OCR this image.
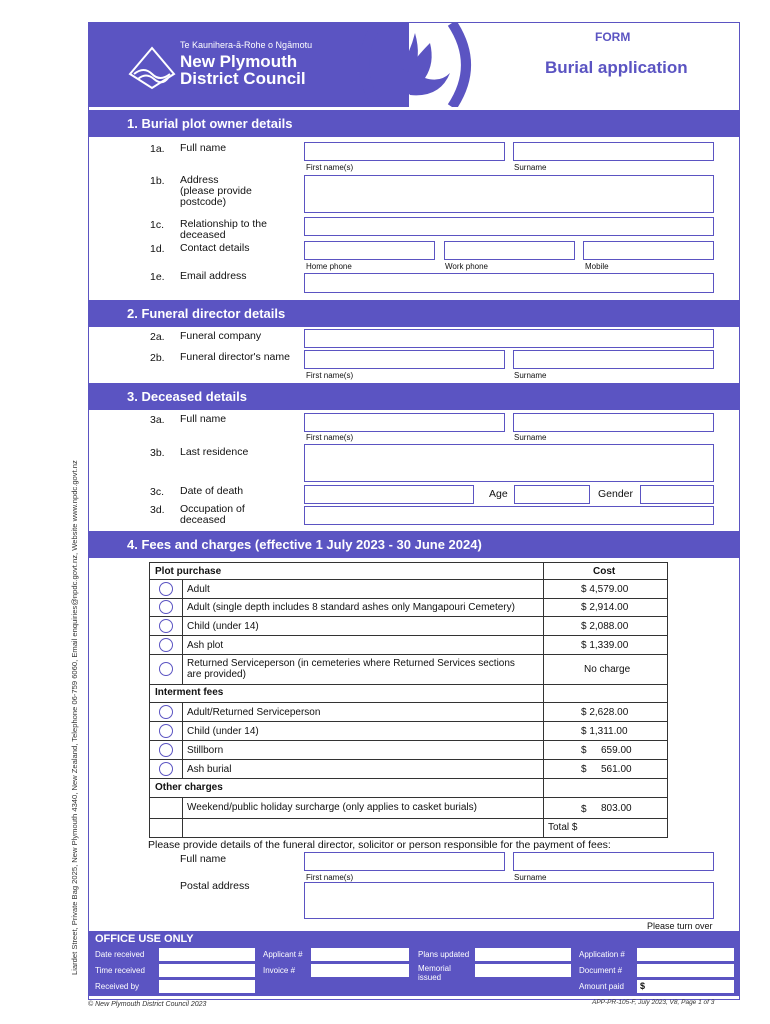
Liardet Street, Private Bag 2025, New Plymouth 4340, New Zealand, Telephone 06-759 6060, Email enquiries@npdc.govt.nz, Website www.npdc.govt.nz
Te Kaunihera-ā-Rohe o Ngāmotu
New Plymouth
District Council
FORM
Burial application
1. Burial plot owner details
1a. Full name
First name(s)	Surname
1b. Address
(please provide
postcode)
1c. Relationship to the
deceased
1d. Contact details
Home phone	Work phone	Mobile
1e. Email address
2. Funeral director details
2a. Funeral company
2b. Funeral director's name
First name(s)	Surname
3. Deceased details
3a. Full name
First name(s)	Surname
3b. Last residence
3c. Date of death	Age	Gender
3d. Occupation of
deceased
4. Fees and charges (effective 1 July 2023 - 30 June 2024)
Plot purchase	Cost
Adult	$ 4,579.00
Adult (single depth includes 8 standard ashes only Mangapouri Cemetery)	$ 2,914.00
Child (under 14)	$ 2,088.00
Ash plot	$ 1,339.00
Returned Serviceperson (in cemeteries where Returned Services sections
are provided)	No charge
Interment fees
Adult/Returned Serviceperson	$ 2,628.00
Child (under 14)	$ 1,311.00
Stillborn	$ 659.00
Ash burial	$ 561.00
Other charges
Weekend/public holiday surcharge (only applies to casket burials)	$ 803.00
Total $
Please provide details of the funeral director, solicitor or person responsible for the payment of fees:
Full name
First name(s)	Surname
Postal address
Please turn over
OFFICE USE ONLY
Date received
Time received
Received by
Applicant #
Invoice #
Plans updated
Memorial
issued
Application #
Document #
Amount paid	$
© New Plymouth District Council 2023	APP-PR-105-F, July 2023, V8, Page 1 of 3
